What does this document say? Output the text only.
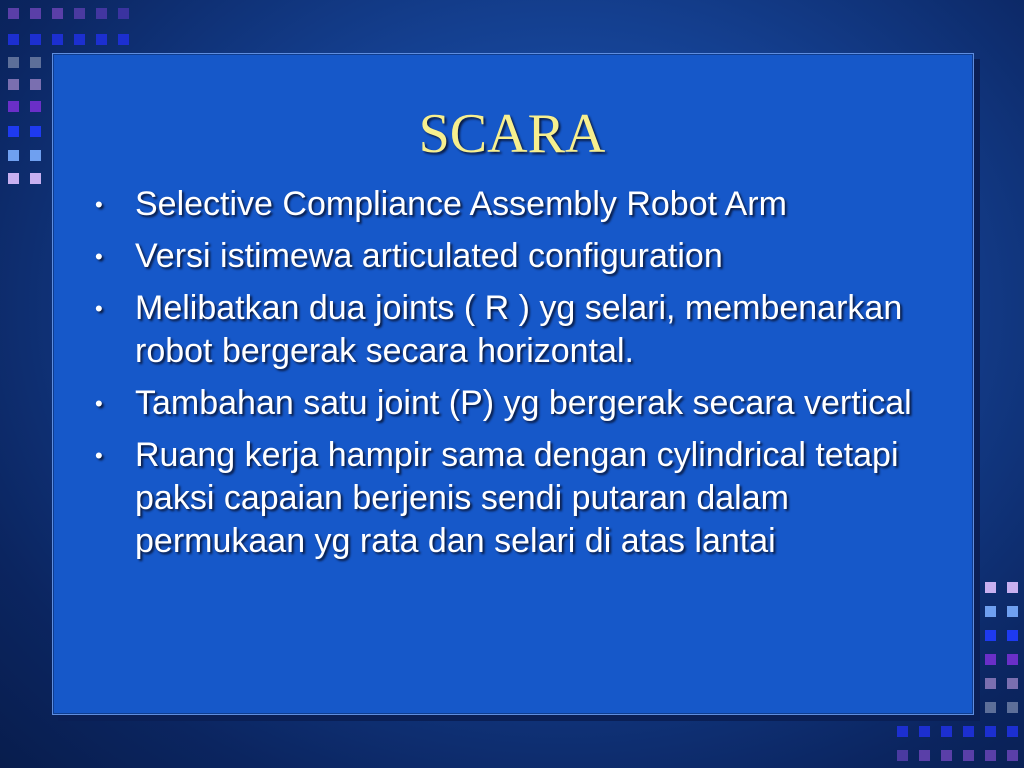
SCARA
• Selective Compliance Assembly Robot Arm
• Versi istimewa articulated configuration
• Melibatkan dua joints ( R ) yg selari, membenarkan robot bergerak secara horizontal.
• Tambahan satu joint (P) yg bergerak secara vertical
• Ruang kerja hampir sama dengan cylindrical tetapi paksi capaian berjenis sendi putaran dalam permukaan yg rata dan selari di atas lantai
